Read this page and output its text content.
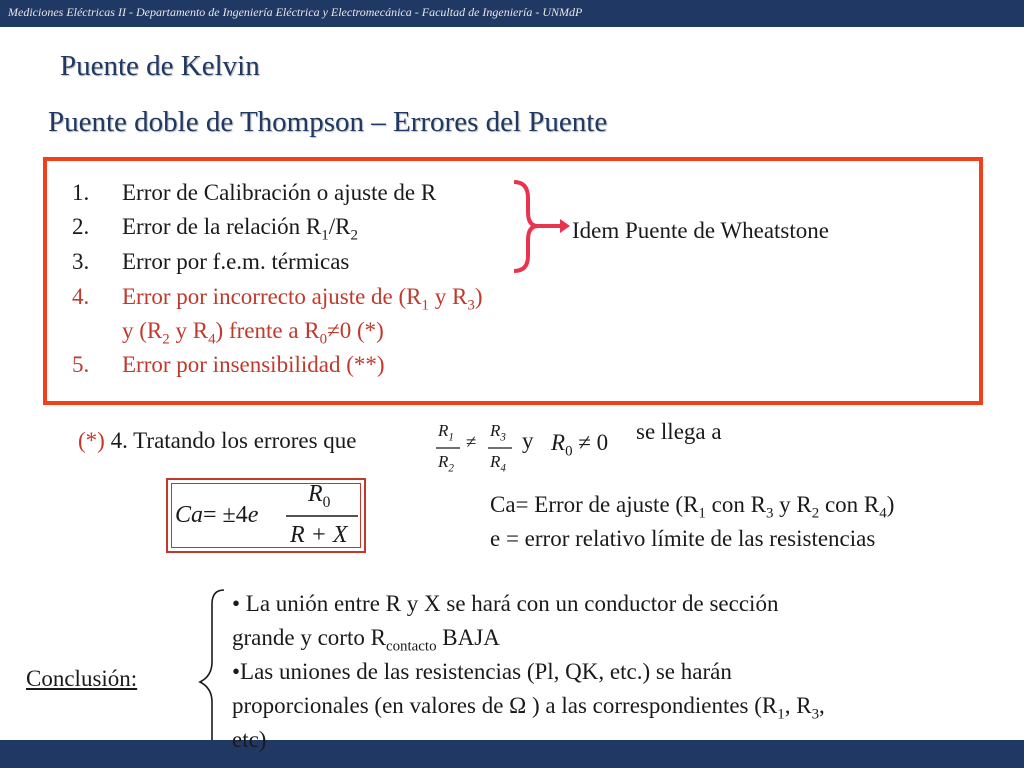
Mediciones Eléctricas II - Departamento de Ingeniería Eléctrica y Electromecánica - Facultad de Ingeniería - UNMdP
Puente de Kelvin
Puente doble de Thompson – Errores del Puente
1. Error de Calibración o ajuste de R
2. Error de la relación $R_1/R_2$
3. Error por f.e.m. térmicas
4. Error por incorrecto ajuste de ($R_1$ y $R_3$)
y ($R_2$ y $R_4$) frente a $R_0\ne 0$ (*)
5. Error por insensibilidad (**)
Idem Puente de Wheatstone
(*) 4. Tratando los errores que	$R_1$
$R_2$
≠
$R_3$
$R_4$
y $R_0 \ne 0$ se llega a
Ca= ±4e
$R_0$
R + X
Ca= Error de ajuste ($R_1$ con $R_3$ y $R_2$ con $R_4$)
e = error relativo límite de las resistencias
Conclusión:
• La unión entre R y X se hará con un conductor de sección
grande y corto $R_{contacto}$ BAJA
•Las uniones de las resistencias (Pl, QK, etc.) se harán
proporcionales (en valores de Ω ) a las correspondientes ($R_1$, $R_3$,
etc)
